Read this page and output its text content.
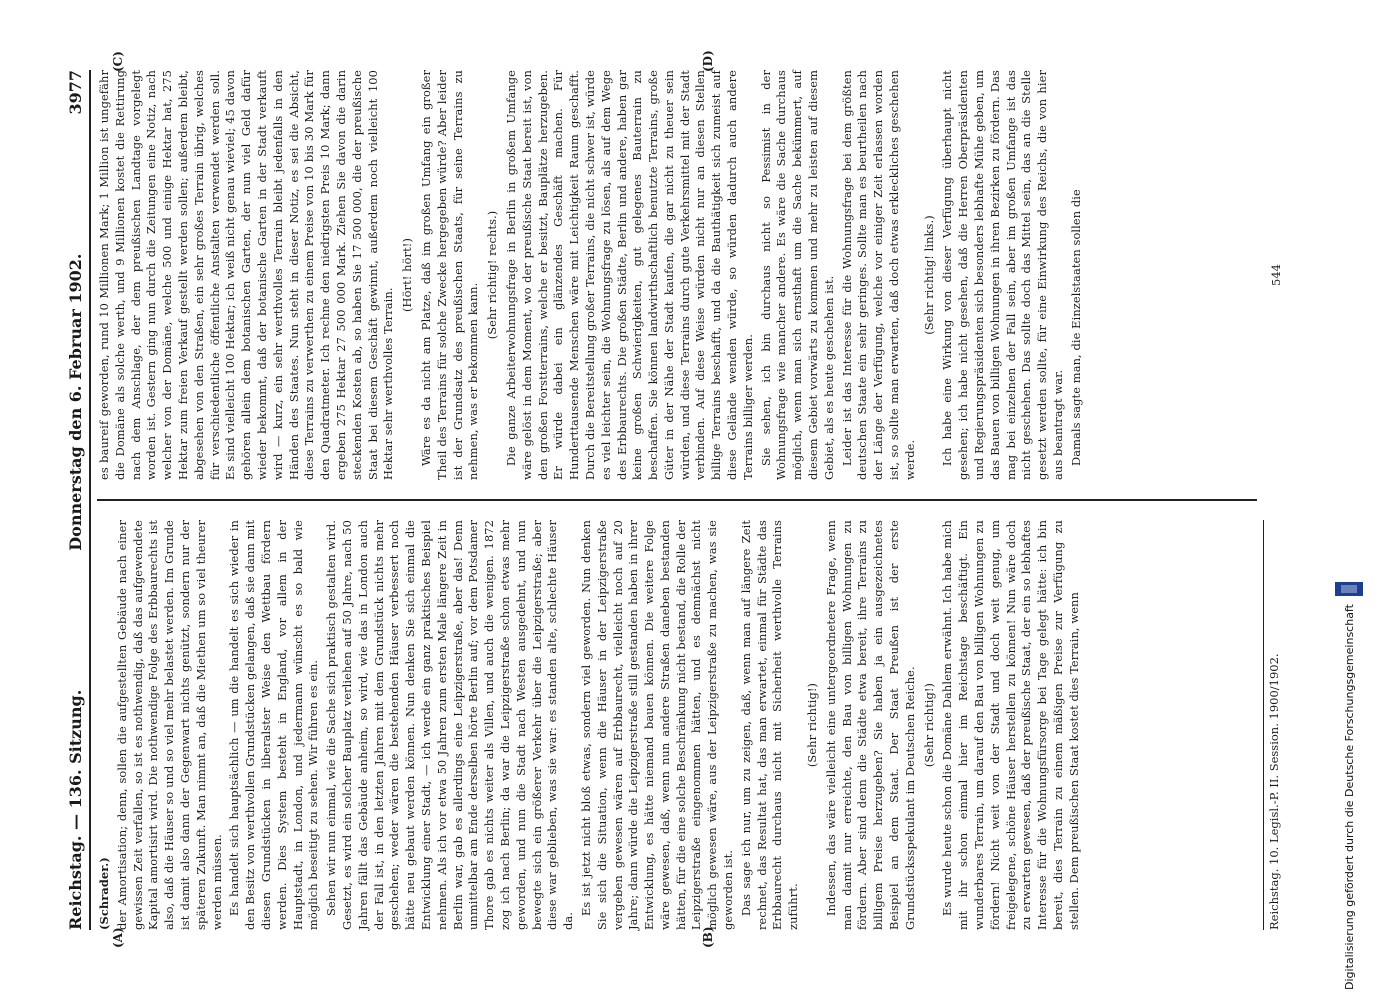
Reichstag. — 136. Sitzung.
Donnerstag den 6. Februar 1902.
3977
(A)	(B)
(C)	(D)
(Schrader.) der Amortisation; denn, sollen die aufgestellten Gebäude nach einer gewissen Zeit verfallen, so ist es nothwendig, daß das aufgewendete Kapital amortisirt wird. Die nothwendige Folge des Erbbaurechts ist also, daß die Häuser so und so viel mehr belastet werden. Im Grunde ist damit also dann der Gegenwart nichts genützt, sondern nur der späteren Zukunft. Man nimmt an, daß die Miethen um so viel theurer werden müssen. Es handelt sich hauptsächlich — um die handelt es sich wieder in den Besitz von werthvollen Grundstücken gelangen, daß sie dann mit diesen Grundstücken in liberalster Weise den Wettbau fördern werden. Dies System besteht in England, vor allem in der Hauptstadt, in London, und jedermann wünscht es so bald wie möglich beseitigt zu sehen. Wir führen es ein. Sehen wir nun einmal, wie die Sache sich praktisch gestalten wird. Gesetzt, es wird ein solcher Bauplatz verliehen auf 50 Jahre, nach 50 Jahren fällt das Gebäude anheim, so wird, wie das in London auch der Fall ist, in den letzten Jahren mit dem Grundstück nichts mehr geschehen; weder wären die bestehenden Häuser verbessert noch hätte neu gebaut werden können. Nun denken Sie sich einmal die Entwicklung einer Stadt, — ich werde ein ganz praktisches Beispiel nehmen. Als ich vor etwa 50 Jahren zum ersten Male längere Zeit in Berlin war, gab es allerdings eine Leipzigerstraße, aber das! Denn unmittelbar am Ende derselben hörte Berlin auf; vor dem Potsdamer Thore gab es nichts weiter als Villen, und auch die wenigen. 1872 zog ich nach Berlin; da war die Leipzigerstraße schon etwas mehr geworden, und nun die Stadt nach Westen ausgedehnt, und nun bewegte sich ein größerer Verkehr über die Leipzigerstraße; aber diese war geblieben, was sie war: es standen alte, schlechte Häuser da.

Es ist jetzt nicht bloß etwas, sondern viel geworden. Nun denken Sie sich die Situation, wenn die Häuser in der Leipzigerstraße vergeben gewesen wären auf Erbbaurecht, vielleicht noch auf 20 Jahre; dann würde die Leipzigerstraße still gestanden haben in ihrer Entwicklung, es hätte niemand bauen können. Die weitere Folge wäre gewesen, daß, wenn nun andere Straßen daneben bestanden hätten, für die eine solche Beschränkung nicht bestand, die Rolle der Leipzigerstraße eingenommen hätten, und es demnächst nicht möglich gewesen wäre, aus der Leipzigerstraße zu machen, was sie geworden ist. Das sage ich nur, um zu zeigen, daß, wenn man auf längere Zeit rechnet, das Resultat hat, das man erwartet, einmal für Städte das Erbbaurecht durchaus nicht mit Sicherheit werthvolle Terrains zuführt.

(Sehr richtig!) Indessen, das wäre vielleicht eine untergeordnetere Frage, wenn man damit nur erreichte, den Bau von billigen Wohnungen zu fördern. Aber sind denn die Städte etwa bereit, ihre Terrains zu billigem Preise herzugeben? Sie haben ja ein ausgezeichnetes Beispiel an dem Staat. Der Staat Preußen ist der erste Grundstücksspekulant im Deutschen Reiche. (Sehr richtig!) Es wurde heute schon die Domäne Dahlem erwähnt. Ich habe mich mit ihr schon einmal hier im Reichstage beschäftigt. Ein wunderbares Terrain, um darauf den Bau von billigen Wohnungen zu fördern! Nicht weit von der Stadt und doch weit genug, um freigelegene, schöne Häuser herstellen zu können! Nun wäre doch zu erwarten gewesen, daß der preußische Staat, der ein so lebhaftes Interesse für die Wohnungsfürsorge bei Tage gelegt hätte: ich bin bereit, dies Terrain zu einem mäßigen Preise zur Verfügung zu stellen. Dem preußischen Staat kostet dies Terrain, wenn

es baureif geworden, rund 10 Millionen Mark; 1 Million ist ungefähr die Domäne als solche werth, und 9 Millionen kostet die Rettirung nach dem Anschlage, der dem preußischen Landtage vorgelegt worden ist. Gestern ging nun durch die Zeitungen eine Notiz, nach welcher von der Domäne, welche 500 und einige Hektar hat, 275 Hektar zum freien Verkauf gestellt werden sollen; außerdem bleibt, abgesehen von den Straßen, ein sehr großes Terrain übrig, welches für verschiedentliche öffentliche Anstalten verwendet werden soll. Es sind vielleicht 100 Hektar; ich weiß nicht genau wieviel; 45 davon gehören allein dem botanischen Garten, der nun viel Geld dafür wieder bekommt, daß der botanische Garten in der Stadt verkauft wird — kurz, ein sehr werthvolles Terrain bleibt jedenfalls in den Händen des Staates. Nun steht in dieser Notiz, es sei die Absicht, diese Terrains zu verwerthen zu einem Preise von 10 bis 30 Mark für den Quadratmeter. Ich rechne den niedrigsten Preis 10 Mark; dann ergeben 275 Hektar 27 500 000 Mark. Ziehen Sie davon die darin steckenden Kosten ab, so haben Sie 17 500 000, die der preußische Staat bei diesem Geschäft gewinnt, außerdem noch vielleicht 100 Hektar sehr werthvolles Terrain.

(Hört! hört!) Wäre es da nicht am Platze, daß im großen Umfang ein großer Theil des Terrains für solche Zwecke hergegeben würde? Aber leider ist der Grundsatz des preußischen Staats, für seine Terrains zu nehmen, was er bekommen kann.

(Sehr richtig! rechts.) Die ganze Arbeiterwohnungsfrage in Berlin in großem Umfange wäre gelöst in dem Moment, wo der preußische Staat bereit ist, von den großen Forstterrains, welche er besitzt, Bauplätze herzugeben. Er würde dabei ein glänzendes Geschäft machen. Für Hunderttausende Menschen wäre mit Leichtigkeit Raum geschafft. Durch die Bereitstellung großer Terrains, die nicht schwer ist, würde es viel leichter sein, die Wohnungsfrage zu lösen, als auf dem Wege des Erbbaurechts. Die großen Städte, Berlin und andere, haben gar keine großen Schwierigkeiten, gut gelegenes Bauterrain zu beschaffen. Sie können landwirthschaftlich benutzte Terrains, große Güter in der Nähe der Stadt kaufen, die gar nicht zu theuer sein würden, und diese Terrains durch gute Verkehrsmittel mit der Stadt verbinden. Auf diese Weise würden nicht nur an diesen Stellen billige Terrains beschafft, und da die Bauthätigkeit sich zumeist auf diese Gelände wenden würde, so würden dadurch auch andere Terrains billiger werden. Sie sehen, ich bin durchaus nicht so Pessimist in der Wohnungsfrage wie mancher andere. Es wäre die Sache durchaus möglich, wenn man sich ernsthaft um die Sache bekümmert, auf diesem Gebiet vorwärts zu kommen und mehr zu leisten auf diesem Gebiet, als es heute geschehen ist. Leider ist das Interesse für die Wohnungsfrage bei dem größten deutschen Staate ein sehr geringes. Sollte man es beurtheilen nach der Länge der Verfügung, welche vor einiger Zeit erlassen worden ist, so sollte man erwarten, daß doch etwas erkleckliches geschehen werde.

(Sehr richtig! links.) Ich habe eine Wirkung von dieser Verfügung überhaupt nicht gesehen; ich habe nicht gesehen, daß die Herren Oberpräsidenten und Regierungspräsidenten sich besonders lebhafte Mühe geben, um das Bauen von billigen Wohnungen in ihren Bezirken zu fördern. Das mag bei einzelnen der Fall sein, aber im großen Umfange ist das nicht geschehen. Das sollte doch das Mittel sein, das an die Stelle gesetzt werden sollte, für eine Einwirkung des Reichs, die von hier aus beantragt war. Damals sagte man, die Einzelstaaten sollen die

Reichstag. 10. Legisl.-P. II. Session. 1900/1902.
544
Digitalisierung gefördert durch die Deutsche Forschungsgemeinschaft
